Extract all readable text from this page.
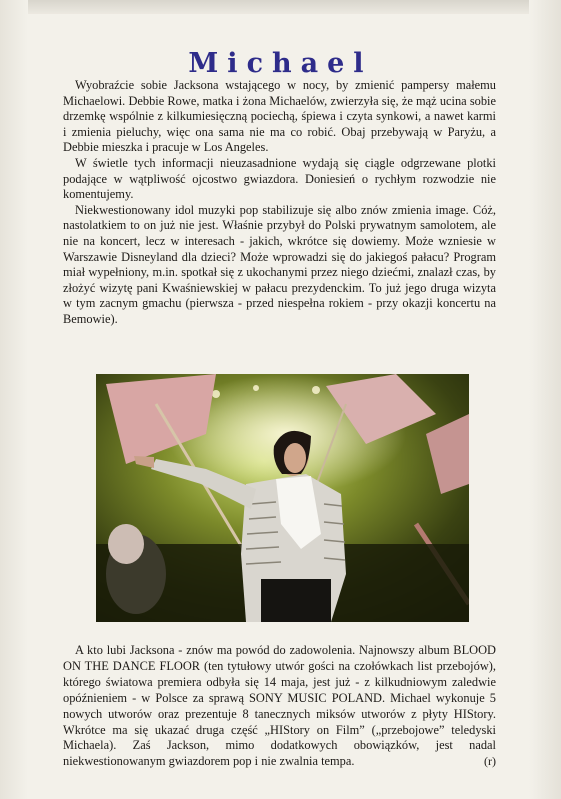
Michael

Wyobraźcie sobie Jacksona wstającego w nocy, by zmienić pampersy małemu Michaelowi. Debbie Rowe, matka i żona Michaelów, zwierzyła się, że mąż ucina sobie drzemkę wspólnie z kilkumiesięczną pociechą, śpiewa i czyta synkowi, a nawet karmi i zmienia pieluchy, więc ona sama nie ma co robić. Obaj przebywają w Paryżu, a Debbie mieszka i pracuje w Los Angeles.

W świetle tych informacji nieuzasadnione wydają się ciągle odgrzewane plotki podające w wątpliwość ojcostwo gwiazdora. Doniesień o rychłym rozwodzie nie komentujemy.

Niekwestionowany idol muzyki pop stabilizuje się albo znów zmienia image. Cóż, nastolatkiem to on już nie jest. Właśnie przybył do Polski prywatnym samolotem, ale nie na koncert, lecz w interesach - jakich, wkrótce się dowiemy. Może wzniesie w Warszawie Disneyland dla dzieci? Może wprowadzi się do jakiegoś pałacu? Program miał wypełniony, m.in. spotkał się z ukochanymi przez niego dziećmi, znalazł czas, by złożyć wizytę pani Kwaśniewskiej w pałacu prezydenckim. To już jego druga wizyta w tym zacnym gmachu (pierwsza - przed niespełna rokiem - przy okazji koncertu na Bemowie).

A kto lubi Jacksona - znów ma powód do zadowolenia. Najnowszy album BLOOD ON THE DANCE FLOOR (ten tytułowy utwór gości na czołówkach list przebojów), którego światowa premiera odbyła się 14 maja, jest już - z kilkudniowym zaledwie opóźnieniem - w Polsce za sprawą SONY MUSIC POLAND. Michael wykonuje 5 nowych utworów oraz prezentuje 8 tanecznych miksów utworów z płyty HIStory. Wkrótce ma się ukazać druga część „HIStory on Film” („przebojowe” teledyski Michaela). Zaś Jackson, mimo dodatkowych obowiązków, jest nadal niekwestionowanym gwiazdorem pop i nie zwalnia tempa.	(r)
